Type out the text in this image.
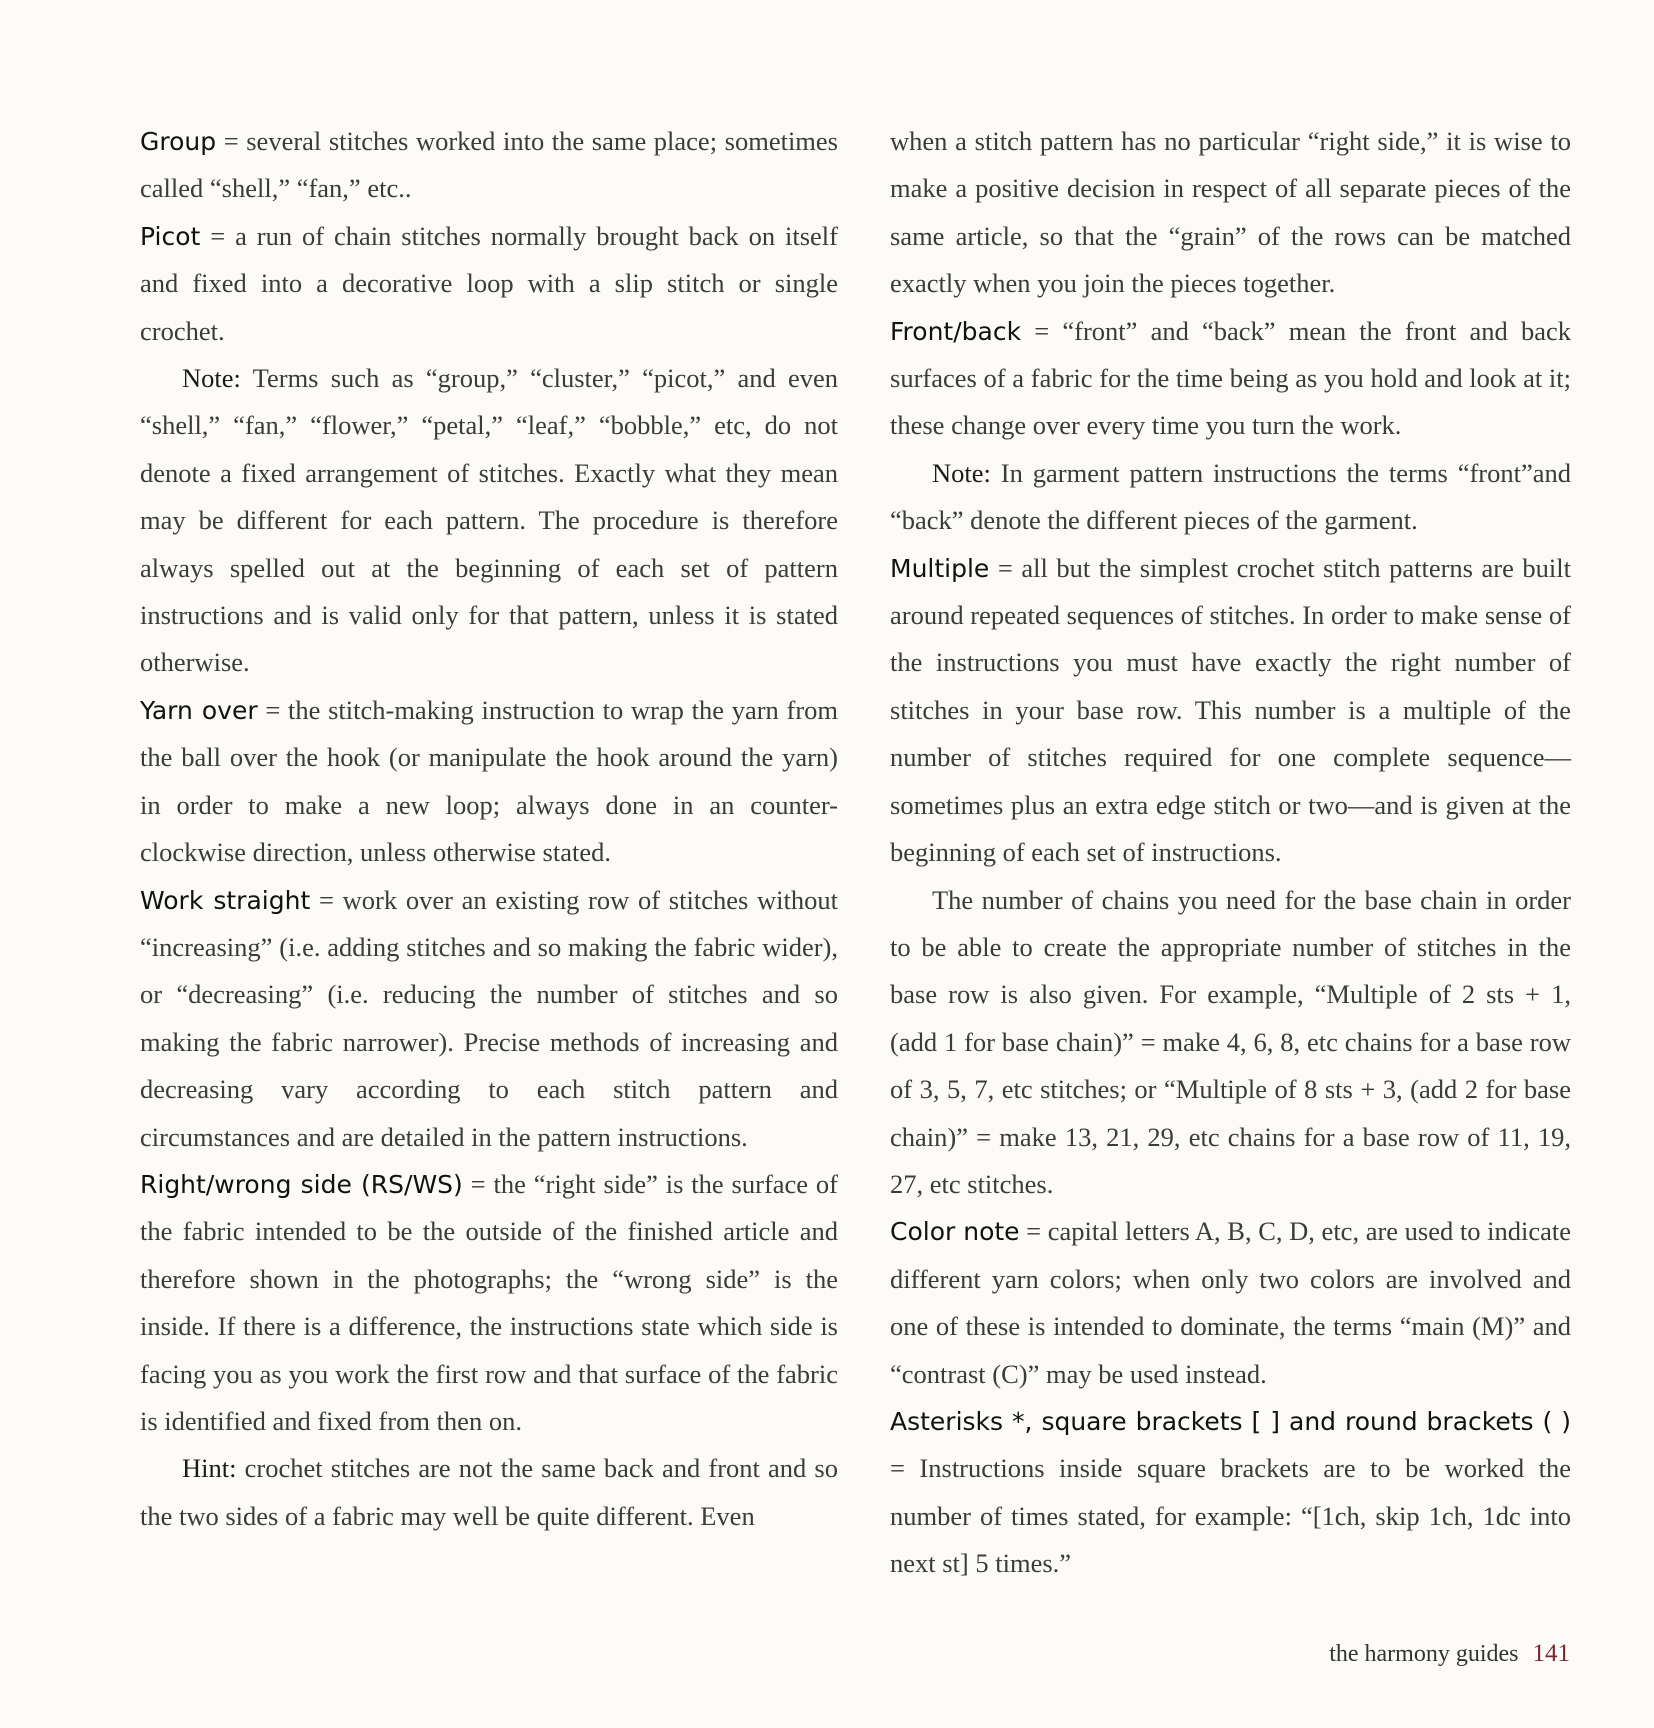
Group = several stitches worked into the same place; sometimes called “shell,” “fan,” etc..

Picot = a run of chain stitches normally brought back on itself and fixed into a decorative loop with a slip stitch or single crochet.

Note: Terms such as “group,” “cluster,” “picot,” and even “shell,” “fan,” “flower,” “petal,” “leaf,” “bobble,” etc, do not denote a fixed arrangement of stitches. Exactly what they mean may be different for each pattern. The procedure is therefore always spelled out at the beginning of each set of pattern instructions and is valid only for that pattern, unless it is stated otherwise.

Yarn over = the stitch-making instruction to wrap the yarn from the ball over the hook (or manipulate the hook around the yarn) in order to make a new loop; always done in an counter-clockwise direction, unless otherwise stated.

Work straight = work over an existing row of stitches without “increasing” (i.e. adding stitches and so making the fabric wider), or “decreasing” (i.e. reducing the number of stitches and so making the fabric narrower). Precise methods of increasing and decreasing vary according to each stitch pattern and circumstances and are detailed in the pattern instructions.

Right/wrong side (RS/WS) = the “right side” is the surface of the fabric intended to be the outside of the finished article and therefore shown in the photographs; the “wrong side” is the inside. If there is a difference, the instructions state which side is facing you as you work the first row and that surface of the fabric is identified and fixed from then on.

Hint: crochet stitches are not the same back and front and so the two sides of a fabric may well be quite different. Even

when a stitch pattern has no particular “right side,” it is wise to make a positive decision in respect of all separate pieces of the same article, so that the “grain” of the rows can be matched exactly when you join the pieces together.

Front/back = “front” and “back” mean the front and back surfaces of a fabric for the time being as you hold and look at it; these change over every time you turn the work.

Note: In garment pattern instructions the terms “front”and “back” denote the different pieces of the garment.

Multiple = all but the simplest crochet stitch patterns are built around repeated sequences of stitches. In order to make sense of the instructions you must have exactly the right number of stitches in your base row. This number is a multiple of the number of stitches required for one complete sequence—sometimes plus an extra edge stitch or two—and is given at the beginning of each set of instructions.

The number of chains you need for the base chain in order to be able to create the appropriate number of stitches in the base row is also given. For example, “Multiple of 2 sts + 1, (add 1 for base chain)” = make 4, 6, 8, etc chains for a base row of 3, 5, 7, etc stitches; or “Multiple of 8 sts + 3, (add 2 for base chain)” = make 13, 21, 29, etc chains for a base row of 11, 19, 27, etc stitches.

Color note = capital letters A, B, C, D, etc, are used to indicate different yarn colors; when only two colors are involved and one of these is intended to dominate, the terms “main (M)” and “contrast (C)” may be used instead.

Asterisks *, square brackets [ ] and round brackets ( ) = Instructions inside square brackets are to be worked the number of times stated, for example: “[1ch, skip 1ch, 1dc into next st] 5 times.”

the harmony guides 141
